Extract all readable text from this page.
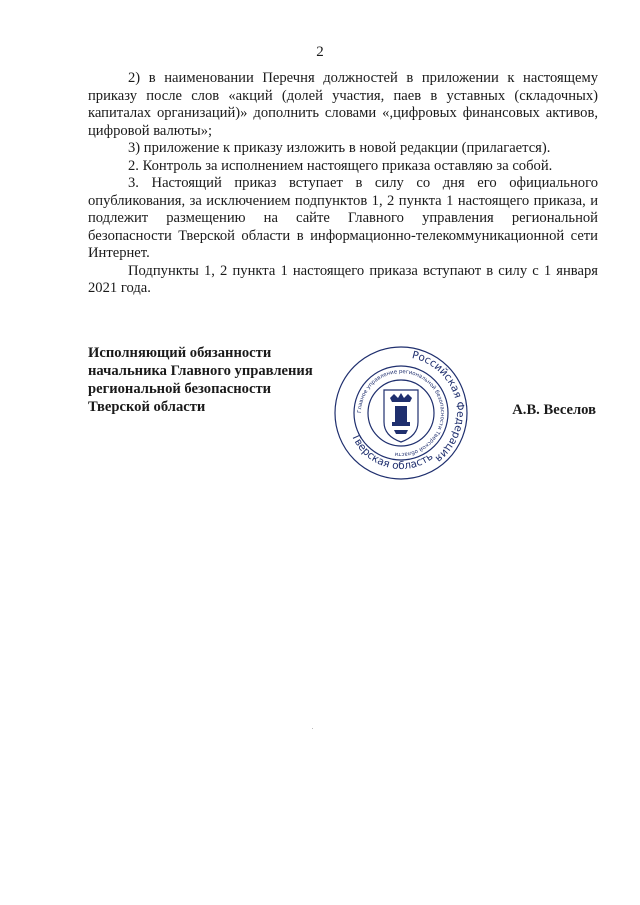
2

2) в наименовании Перечня должностей в приложении к настоящему приказу после слов «акций (долей участия, паев в уставных (складочных) капиталах организаций)» дополнить словами «,цифровых финансовых активов, цифровой валюты»;

3) приложение к приказу изложить в новой редакции (прилагается).

2. Контроль за исполнением настоящего приказа оставляю за собой.

3. Настоящий приказ вступает в силу со дня его официального опубликования, за исключением подпунктов 1, 2 пункта 1 настоящего приказа, и подлежит размещению на сайте Главного управления региональной безопасности Тверской области в информационно-телекоммуникационной сети Интернет.

Подпункты 1, 2 пункта 1 настоящего приказа вступают в силу с 1 января 2021 года.

Исполняющий обязанности
начальника Главного управления
региональной безопасности
Тверской области
Российская Федерация
Тверская область
Главное управление региональной безопасности Тверской области
А.В. Веселов
